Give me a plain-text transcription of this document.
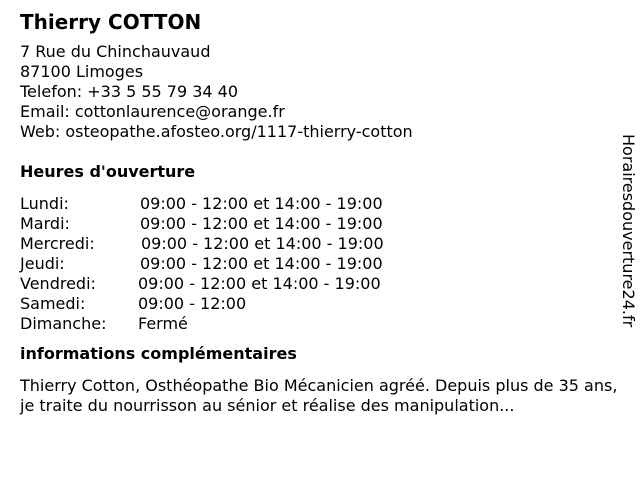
Thierry COTTON
7 Rue du Chinchauvaud
87100 Limoges
Telefon: +33 5 55 79 34 40
Email: cottonlaurence@orange.fr
Web: osteopathe.afosteo.org/1117-thierry-cotton
Heures d'ouverture
Lundi:	09:00 - 12:00 et 14:00 - 19:00
Mardi:	09:00 - 12:00 et 14:00 - 19:00
Mercredi:	09:00 - 12:00 et 14:00 - 19:00
Jeudi:	09:00 - 12:00 et 14:00 - 19:00
Vendredi:	09:00 - 12:00 et 14:00 - 19:00
Samedi:	09:00 - 12:00
Dimanche:	Fermé
informations complémentaires
Thierry Cotton, Osthéopathe Bio Mécanicien agréé. Depuis plus de 35 ans, je traite du nourrisson au sénior et réalise des manipulation...
Horairesdouverture24.fr
